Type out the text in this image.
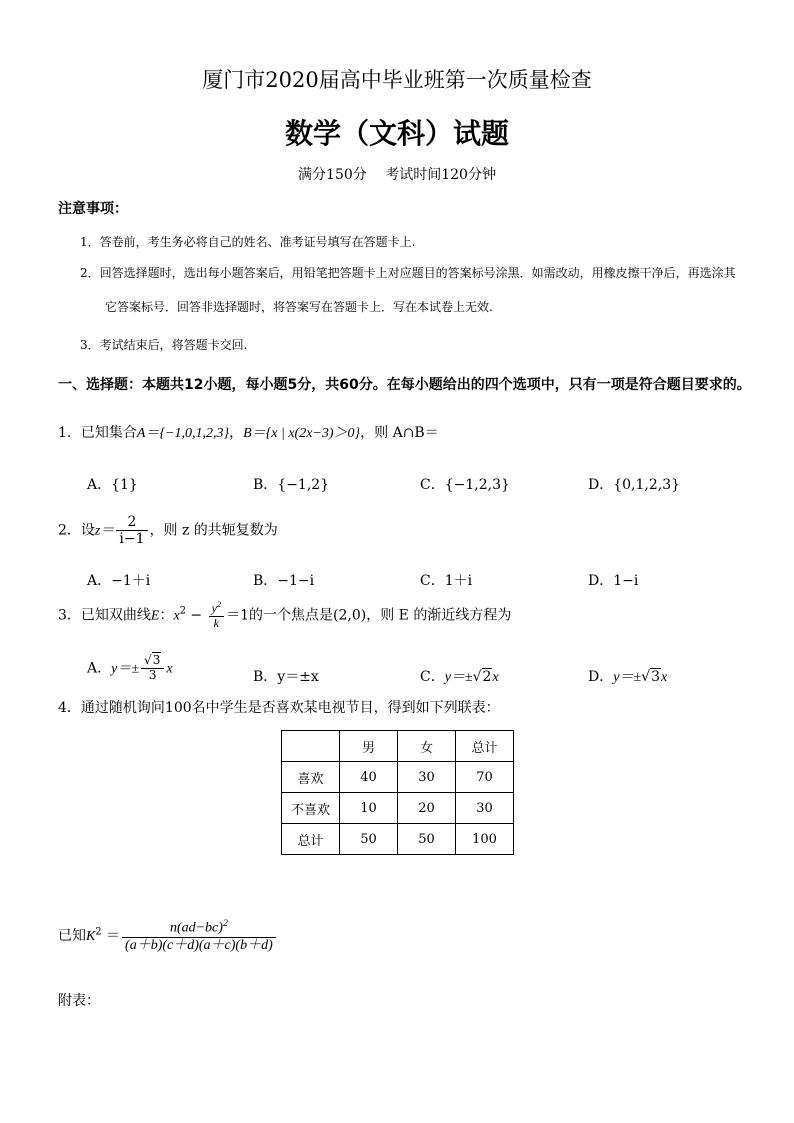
厦门市2020届高中毕业班第一次质量检查
数学（文科）试题
满分150分　 考试时间120分钟
注意事项：
1．答卷前，考生务必将自己的姓名、准考证号填写在答题卡上.
2．回答选择题时，选出每小题答案后，用铅笔把答题卡上对应题目的答案标号涂黑．如需改动，用橡皮擦干净后，再选涂其
它答案标号．回答非选择题时，将答案写在答题卡上．写在本试卷上无效.
3．考试结束后，将答题卡交回.
一、选择题：本题共12小题，每小题5分，共60分。在每小题给出的四个选项中，只有一项是符合题目要求的。
1．已知集合A＝{−1,0,1,2,3}，B＝{x | x(2x−3)＞0}，则 A∩B＝
A．{1}	B．{−1,2}	C．{−1,2,3}	D．{0,1,2,3}
2．设$z= \frac{2}{i-1}$ ，则 z 的共轭复数为
A．−1＋i	B．−1−i	C．1＋i	D．1−i
3．已知双曲线E：$x^2 - \frac{y^2}{k} =1$的一个焦点是(2,0)，则 E 的渐近线方程为
A．$y=\pm \frac{√3}{3}$ x
B．y＝±x	C．y＝±√2x	D．y＝±√3x
4．通过随机询问100名中学生是否喜欢某电视节目，得到如下列联表：
	男	女	总计
喜欢	40	30	70
不喜欢	10	20	30
总计	50	50	100
已知$K^2 = \frac{n(ad-bc)^2}{(a+b)(c+d)(a+c)(b+d)}$
附表：
